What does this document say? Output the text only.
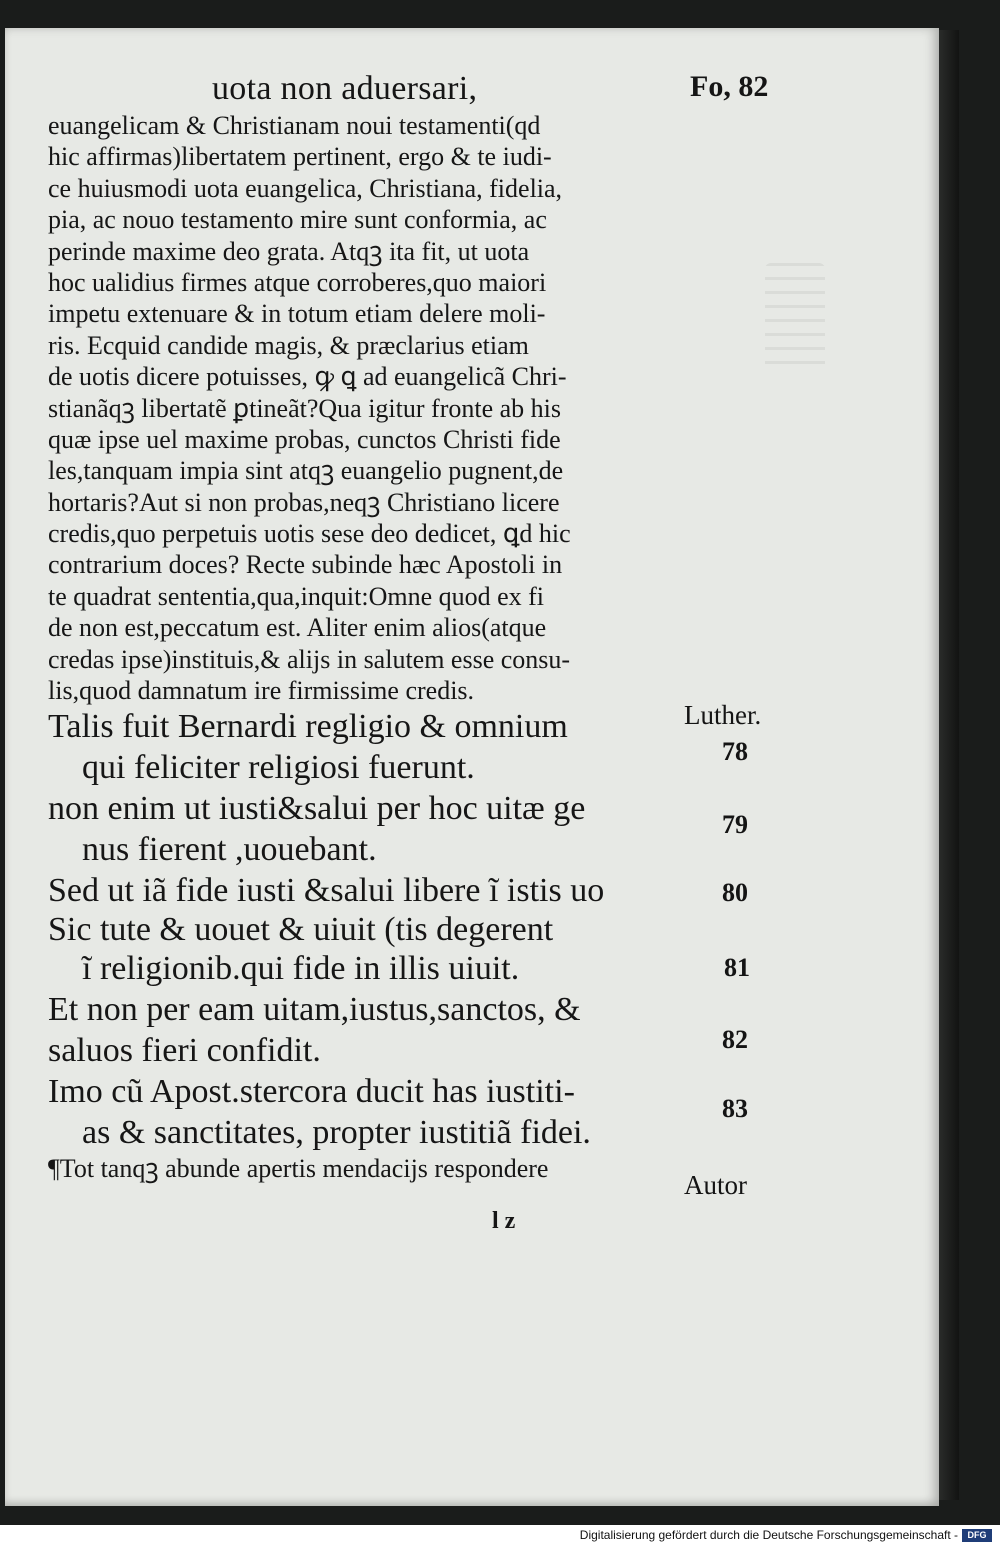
uota non aduersari,	Fo, 82
euangelicam & Christianam noui testamenti(qd
hic affirmas)libertatem pertinent, ergo & te iudi-
ce huiusmodi uota euangelica, Christiana, fidelia,
pia, ac nouo testamento mire sunt conformia, ac
perinde maxime deo grata. Atqꝫ ita fit, ut uota
hoc ualidius firmes atque corroberes,quo maiori
impetu extenuare & in totum etiam delere moli-
ris. Ecquid candide magis, & præclarius etiam
de uotis dicere potuisses, ꝙ ꝗ ad euangelicã Chri-
stianãqꝫ libertatẽ ꝑtineãt?Qua igitur fronte ab his
quæ ipse uel maxime probas, cunctos Christi fide
les,tanquam impia sint atqꝫ euangelio pugnent,de
hortaris?Aut si non probas,neqꝫ Christiano licere
credis,quo perpetuis uotis sese deo dedicet, ꝗd hic
contrarium doces? Recte subinde hæc Apostoli in
te quadrat sententia,qua,inquit:Omne quod ex fi
de non est,peccatum est. Aliter enim alios(atque
credas ipse)instituis,& alijs in salutem esse consu-
lis,quod damnatum ire firmissime credis.
Talis fuit Bernardi regligio & omnium
qui feliciter religiosi fuerunt.
non enim ut iusti&salui per hoc uitæ ge
nus fierent ,uouebant.
Sed ut iã fide iusti &salui libere ĩ istis uo
Sic tute & uouet & uiuit (tis degerent
ĩ religionib.qui fide in illis uiuit.
Et non per eam uitam,iustus,sanctos, &
saluos fieri confidit.
Imo cũ Apost.stercora ducit has iustiti-
as & sanctitates, propter iustitiã fidei.
¶Tot tanqꝫ abunde apertis mendacijs respondere
l z
Luther.
78
79
80
81
82
83
Autor
Digitalisierung gefördert durch die Deutsche Forschungsgemeinschaft -	DFG
